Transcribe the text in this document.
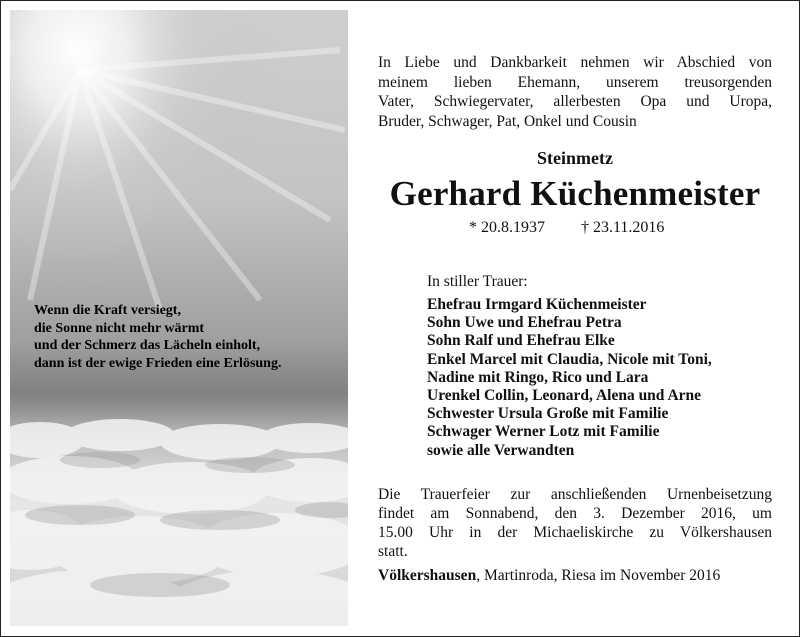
Wenn die Kraft versiegt,
die Sonne nicht mehr wärmt
und der Schmerz das Lächeln einholt,
dann ist der ewige Frieden eine Erlösung.
In Liebe und Dankbarkeit nehmen wir Abschied von
meinem lieben Ehemann, unserem treusorgenden
Vater, Schwiegervater, allerbesten Opa und Uropa,
Bruder, Schwager, Pat, Onkel und Cousin
Steinmetz
Gerhard Küchenmeister
* 20.8.1937 † 23.11.2016
In stiller Trauer:
Ehefrau Irmgard Küchenmeister
Sohn Uwe und Ehefrau Petra
Sohn Ralf und Ehefrau Elke
Enkel Marcel mit Claudia, Nicole mit Toni,
Nadine mit Ringo, Rico und Lara
Urenkel Collin, Leonard, Alena und Arne
Schwester Ursula Große mit Familie
Schwager Werner Lotz mit Familie
sowie alle Verwandten
Die Trauerfeier zur anschließenden Urnenbeisetzung
findet am Sonnabend, den 3. Dezember 2016, um
15.00 Uhr in der Michaeliskirche zu Völkershausen
statt.
Völkershausen, Martinroda, Riesa im November 2016
